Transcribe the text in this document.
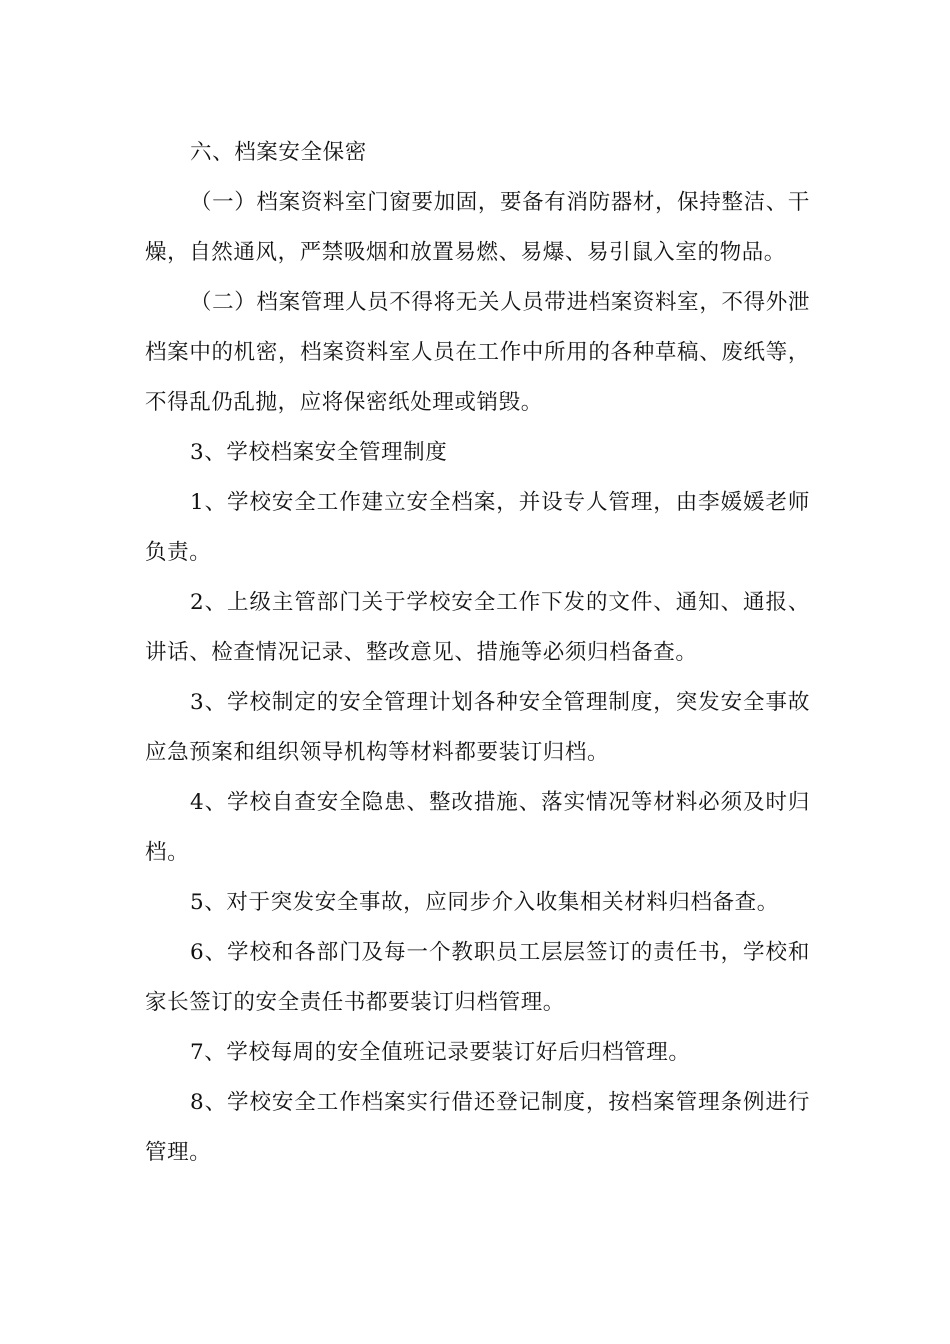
六、档案安全保密

（一）档案资料室门窗要加固，要备有消防器材，保持整洁、干燥，自然通风，严禁吸烟和放置易燃、易爆、易引鼠入室的物品。

（二）档案管理人员不得将无关人员带进档案资料室，不得外泄档案中的机密，档案资料室人员在工作中所用的各种草稿、废纸等，不得乱仍乱抛，应将保密纸处理或销毁。

3、学校档案安全管理制度

1、学校安全工作建立安全档案，并设专人管理，由李媛媛老师负责。

2、上级主管部门关于学校安全工作下发的文件、通知、通报、讲话、检查情况记录、整改意见、措施等必须归档备查。

3、学校制定的安全管理计划各种安全管理制度，突发安全事故应急预案和组织领导机构等材料都要装订归档。

4、学校自查安全隐患、整改措施、落实情况等材料必须及时归档。

5、对于突发安全事故，应同步介入收集相关材料归档备查。

6、学校和各部门及每一个教职员工层层签订的责任书，学校和家长签订的安全责任书都要装订归档管理。

7、学校每周的安全值班记录要装订好后归档管理。

8、学校安全工作档案实行借还登记制度，按档案管理条例进行管理。
